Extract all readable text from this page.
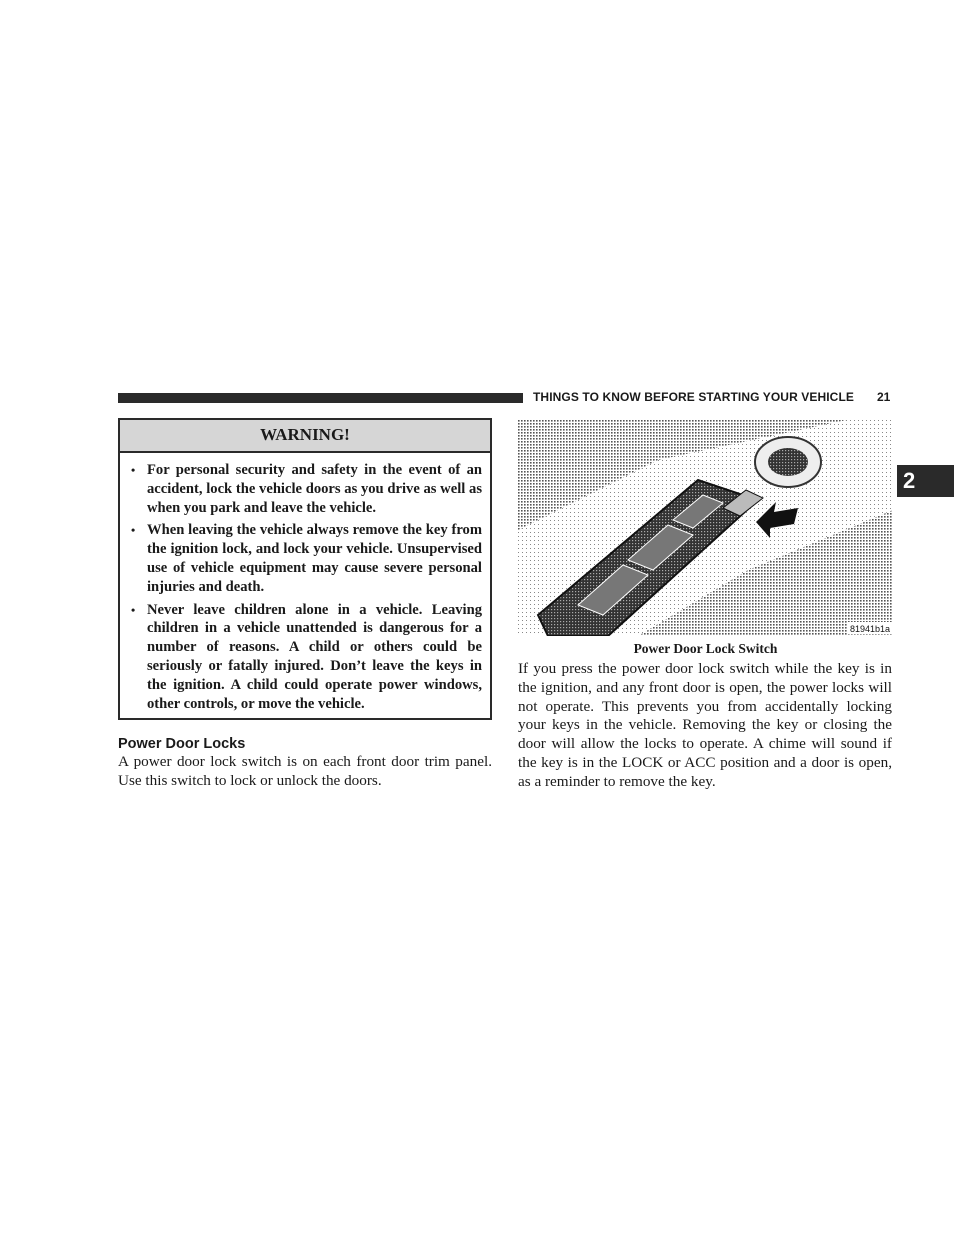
THINGS TO KNOW BEFORE STARTING YOUR VEHICLE 21
2
WARNING!
• For personal security and safety in the event of an accident, lock the vehicle doors as you drive as well as when you park and leave the vehicle.
• When leaving the vehicle always remove the key from the ignition lock, and lock your vehicle. Unsupervised use of vehicle equipment may cause severe personal injuries and death.
• Never leave children alone in a vehicle. Leaving children in a vehicle unattended is dangerous for a number of reasons. A child or others could be seriously or fatally injured. Don’t leave the keys in the ignition. A child could operate power windows, other controls, or move the vehicle.
Power Door Locks

A power door lock switch is on each front door trim panel. Use this switch to lock or unlock the doors.

81941b1a
Power Door Lock Switch

If you press the power door lock switch while the key is in the ignition, and any front door is open, the power locks will not operate. This prevents you from accidentally locking your keys in the vehicle. Removing the key or closing the door will allow the locks to operate. A chime will sound if the key is in the LOCK or ACC position and a door is open, as a reminder to remove the key.
